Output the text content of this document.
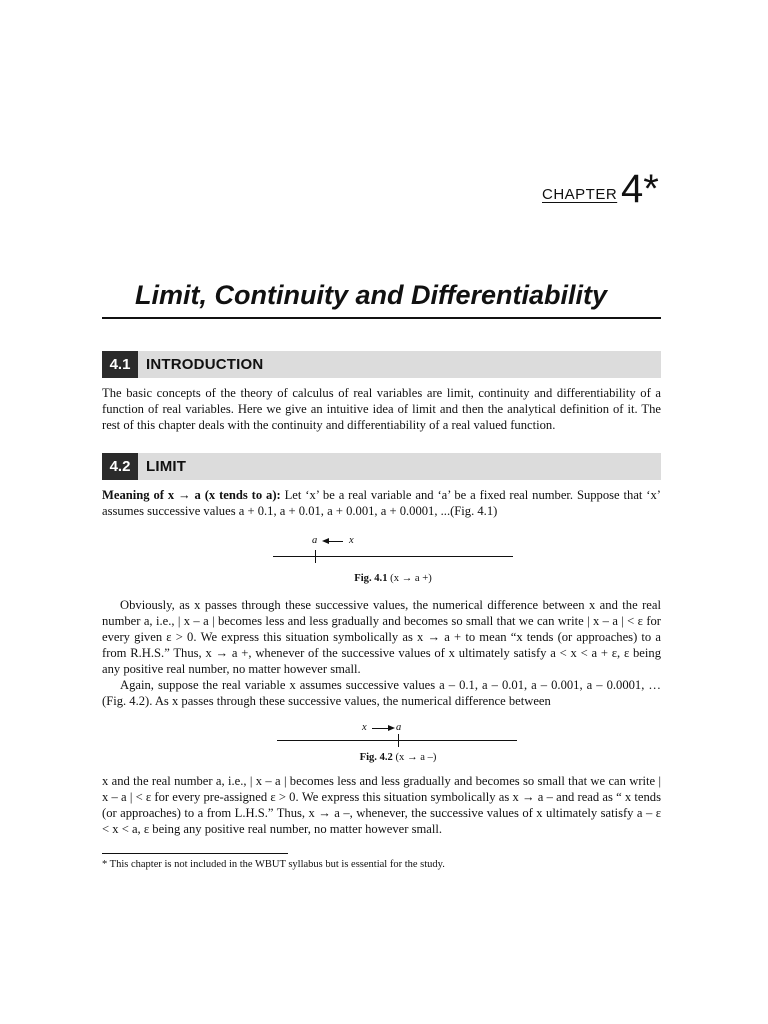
CHAPTER 4*
Limit, Continuity and Differentiability
4.1	INTRODUCTION
The basic concepts of the theory of calculus of real variables are limit, continuity and differentiability of a function of real variables. Here we give an intuitive idea of limit and then the analytical definition of it. The rest of this chapter deals with the continuity and differentiability of a real valued function.
4.2	LIMIT
Meaning of x → a (x tends to a): Let ‘x’ be a real variable and ‘a’ be a fixed real number. Suppose that ‘x’ assumes successive values a + 0.1, a + 0.01, a + 0.001, a + 0.0001, ...(Fig. 4.1)
a	x
Fig. 4.1 (x → a +)
Obviously, as x passes through these successive values, the numerical difference between x and the real number a, i.e., | x – a | becomes less and less gradually and becomes so small that we can write | x – a | < ε for every given ε > 0. We express this situation symbolically as x → a + to mean “x tends (or approaches) to a from R.H.S.” Thus, x → a +, whenever of the successive values of x ultimately satisfy a < x < a + ε, ε being any positive real number, no matter however small.
Again, suppose the real variable x assumes successive values a – 0.1, a – 0.01, a – 0.001, a – 0.0001, … (Fig. 4.2). As x passes through these successive values, the numerical difference between
x	a
Fig. 4.2 (x → a –)
x and the real number a, i.e., | x – a | becomes less and less gradually and becomes so small that we can write | x – a | < ε for every pre-assigned ε > 0. We express this situation symbolically as x → a – and read as “ x tends (or approaches) to a from L.H.S.” Thus, x → a –, whenever, the successive values of x ultimately satisfy a – ε < x < a, ε being any positive real number, no matter however small.
* This chapter is not included in the WBUT syllabus but is essential for the study.
